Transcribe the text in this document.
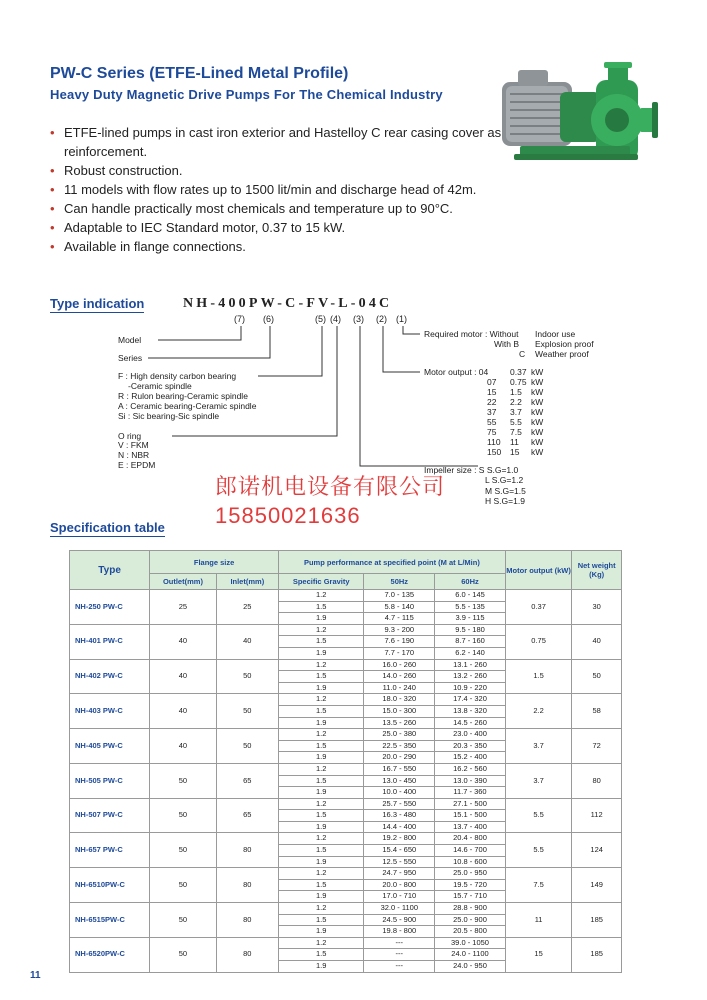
PW-C Series (ETFE-Lined Metal Profile)
Heavy Duty Magnetic Drive Pumps For The Chemical Industry
• ETFE-lined pumps in cast iron exterior and Hastelloy C rear casing cover as reinforcement.
• Robust construction.
• 11 models with flow rates up to 1500 lit/min and discharge head of 42m.
• Can handle practically most chemicals and temperature up to 90°C.
• Adaptable to IEC Standard motor, 0.37 to 15 kW.
• Available in flange connections.
Type indication	NH-400PW-C-FV-L-04C
(7) (6)	(5) (4) (3) (2) (1)
Model
Series
F : High density carbon bearing
-Ceramic spindle
R : Rulon bearing-Ceramic spindle
A : Ceramic bearing-Ceramic spindle
Si : Sic bearing-Sic spindle
O ring
V : FKM
N : NBR
E : EPDM
Required motor : Without Indoor use
With B Explosion proof
C Weather proof
Motor output : 04	0.37 kW
07 0.75 kW
15 1.5 kW
22 2.2 kW
37 3.7 kW
55 5.5 kW
75 7.5 kW
110 11 kW
150 15 kW
Impeller size : S S.G=1.0
L S.G=1.2
M S.G=1.5
H S.G=1.9
郎诺机电设备有限公司
15850021636
Specification table
Type	Flange size		Pump performance at specified point (M at L/Min)			Motor output (kW)	Net weight (Kg)
	Outlet(mm)	Inlet(mm)	Specific Gravity	50Hz	60Hz		
NH-250 PW-C	25	25	1.2	7.0 - 135	6.0 - 145	0.37	30
			1.5	5.8 - 140	5.5 - 135		
			1.9	4.7 - 115	3.9 - 115		
NH-401 PW-C	40	40	1.2	9.3 - 200	9.5 - 180	0.75	40
			1.5	7.6 - 190	8.7 - 160		
			1.9	7.7 - 170	6.2 - 140		
NH-402 PW-C	40	50	1.2	16.0 - 260	13.1 - 260	1.5	50
			1.5	14.0 - 260	13.2 - 260		
			1.9	11.0 - 240	10.9 - 220		
NH-403 PW-C	40	50	1.2	18.0 - 320	17.4 - 320	2.2	58
			1.5	15.0 - 300	13.8 - 320		
			1.9	13.5 - 260	14.5 - 260		
NH-405 PW-C	40	50	1.2	25.0 - 380	23.0 - 400	3.7	72
			1.5	22.5 - 350	20.3 - 350		
			1.9	20.0 - 290	15.2 - 400		
NH-505 PW-C	50	65	1.2	16.7 - 550	16.2 - 560	3.7	80
			1.5	13.0 - 450	13.0 - 390		
			1.9	10.0 - 400	11.7 - 360		
NH-507 PW-C	50	65	1.2	25.7 - 550	27.1 - 500	5.5	112
			1.5	16.3 - 480	15.1 - 500		
			1.9	14.4 - 400	13.7 - 400		
NH-657 PW-C	50	80	1.2	19.2 - 800	20.4 - 800	5.5	124
			1.5	15.4 - 650	14.6 - 700		
			1.9	12.5 - 550	10.8 - 600		
NH-6510PW-C	50	80	1.2	24.7 - 950	25.0 - 950	7.5	149
			1.5	20.0 - 800	19.5 - 720		
			1.9	17.0 - 710	15.7 - 710		
NH-6515PW-C	50	80	1.2	32.0 - 1100	28.8 - 900	11	185
			1.5	24.5 - 900	25.0 - 900		
			1.9	19.8 - 800	20.5 - 800		
NH-6520PW-C	50	80	1.2	---	39.0 - 1050	15	185
			1.5	---	24.0 - 1100		
			1.9	---	24.0 - 950		
11
